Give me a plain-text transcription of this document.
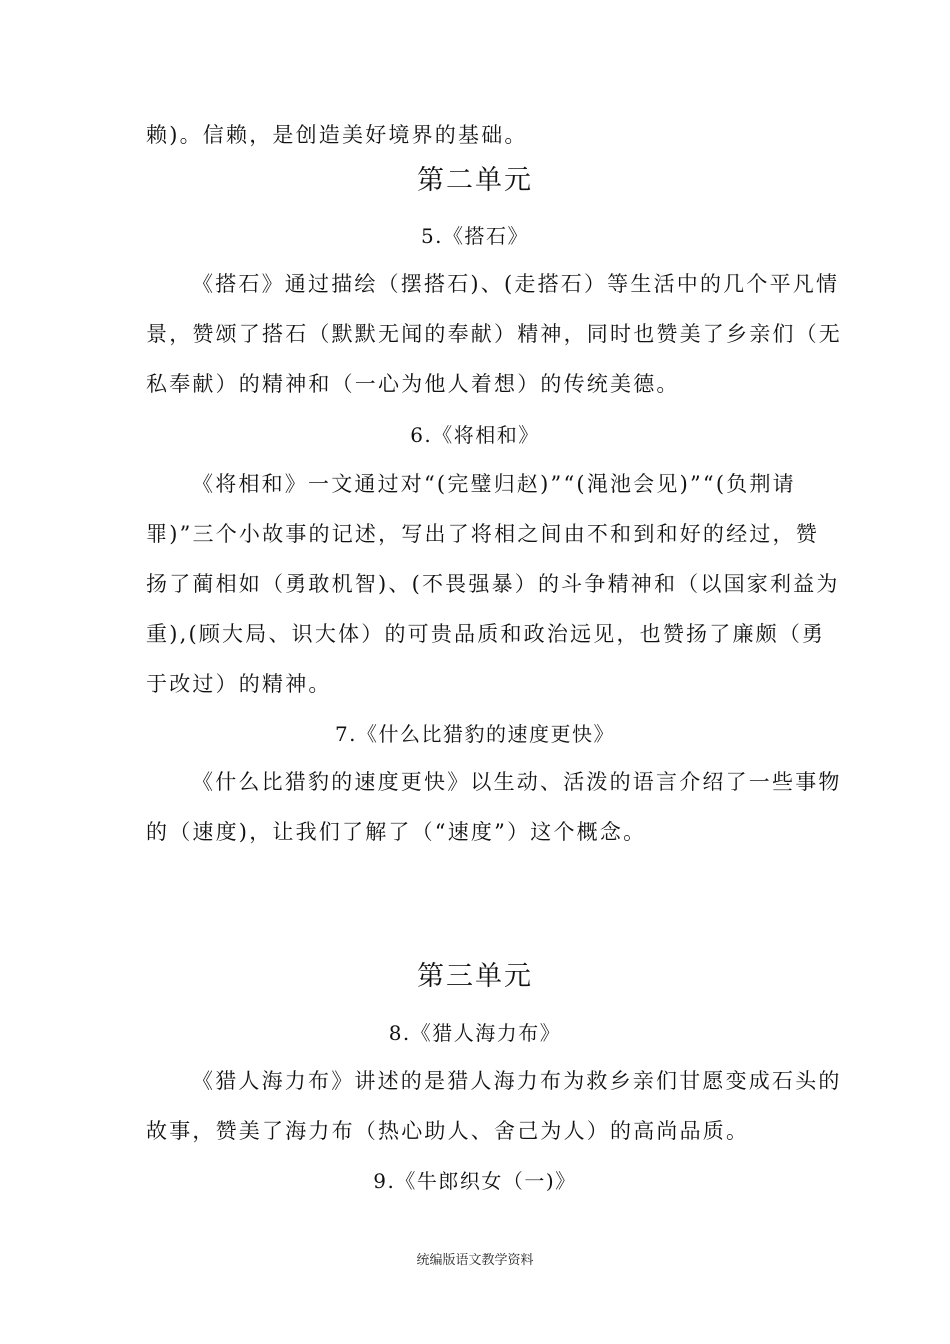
赖)。信赖，是创造美好境界的基础。
第二单元
5.《搭石》
《搭石》通过描绘（摆搭石)、(走搭石）等生活中的几个平凡情
景，赞颂了搭石（默默无闻的奉献）精神，同时也赞美了乡亲们（无
私奉献）的精神和（一心为他人着想）的传统美德。
6.《将相和》
《将相和》一文通过对“(完璧归赵)”“(渑池会见)”“(负荆请
罪)”三个小故事的记述，写出了将相之间由不和到和好的经过，赞
扬了蔺相如（勇敢机智)、(不畏强暴）的斗争精神和（以国家利益为
重),(顾大局、识大体）的可贵品质和政治远见，也赞扬了廉颇（勇
于改过）的精神。
7.《什么比猎豹的速度更快》
《什么比猎豹的速度更快》以生动、活泼的语言介绍了一些事物
的（速度)，让我们了解了（“速度”）这个概念。
第三单元
8.《猎人海力布》
《猎人海力布》讲述的是猎人海力布为救乡亲们甘愿变成石头的
故事，赞美了海力布（热心助人、舍己为人）的高尚品质。
9.《牛郎织女（一)》
统编版语文教学资料
